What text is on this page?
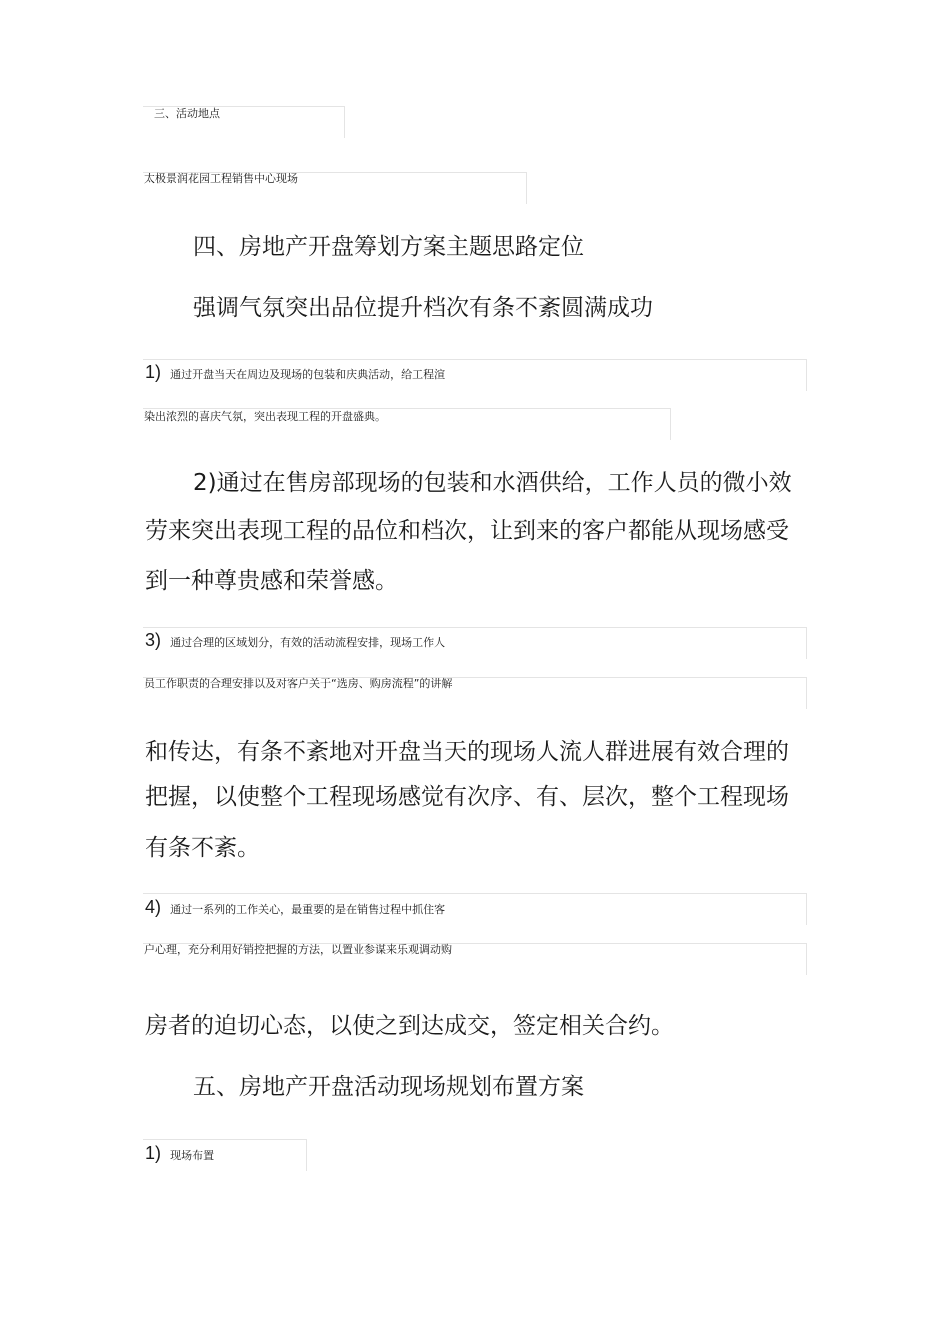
三、活动地点
太极景润花园工程销售中心现场
四、房地产开盘筹划方案主题思路定位
强调气氛突出品位提升档次有条不紊圆满成功
1) 通过开盘当天在周边及现场的包装和庆典活动，给工程渲
染出浓烈的喜庆气氛，突出表现工程的开盘盛典。
2)通过在售房部现场的包装和水酒供给，工作人员的微小效
劳来突出表现工程的品位和档次，让到来的客户都能从现场感受
到一种尊贵感和荣誉感。
3) 通过合理的区域划分，有效的活动流程安排，现场工作人
员工作职责的合理安排以及对客户关于“选房、购房流程”的讲解
和传达，有条不紊地对开盘当天的现场人流人群进展有效合理的
把握，以使整个工程现场感觉有次序、有、层次，整个工程现场
有条不紊。
4) 通过一系列的工作关心，最重要的是在销售过程中抓住客
户心理，充分利用好销控把握的方法，以置业参谋来乐观调动购
房者的迫切心态，以使之到达成交，签定相关合约。
五、房地产开盘活动现场规划布置方案
1) 现场布置
